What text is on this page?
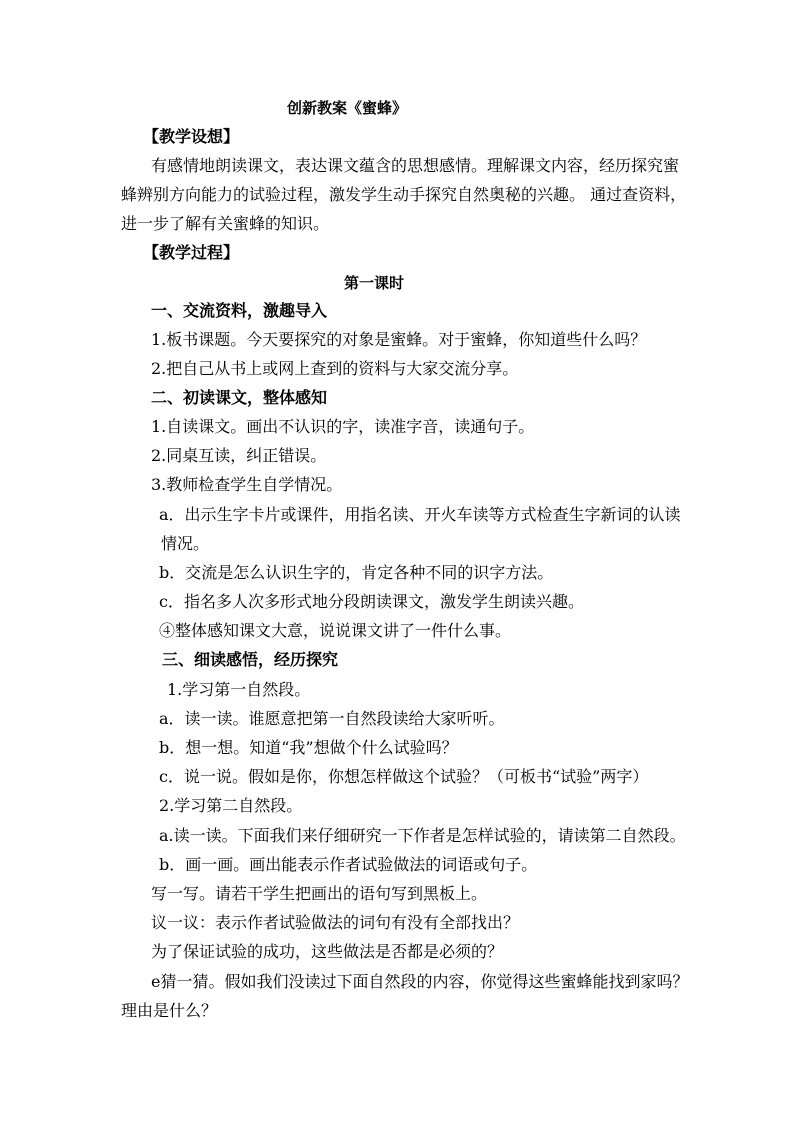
创新教案《蜜蜂》
【教学设想】
有感情地朗读课文，表达课文蕴含的思想感情。理解课文内容，经历探究蜜
蜂辨别方向能力的试验过程，激发学生动手探究自然奥秘的兴趣。 通过查资料，
进一步了解有关蜜蜂的知识。
【教学过程】
第一课时
一、交流资料，激趣导入
1.板书课题。今天要探究的对象是蜜蜂。对于蜜蜂，你知道些什么吗？
2.把自己从书上或网上查到的资料与大家交流分享。
二、初读课文，整体感知
1.自读课文。画出不认识的字，读准字音，读通句子。
2.同桌互读，纠正错误。
3.教师检查学生自学情况。
a．出示生字卡片或课件，用指名读、开火车读等方式检查生字新词的认读
情况。
b．交流是怎么认识生字的，肯定各种不同的识字方法。
c．指名多人次多形式地分段朗读课文，激发学生朗读兴趣。
④整体感知课文大意，说说课文讲了一件什么事。
三、细读感悟，经历探究
1.学习第一自然段。
a．读一读。谁愿意把第一自然段读给大家听听。
b．想一想。知道“我”想做个什么试验吗？
c．说一说。假如是你，你想怎样做这个试验？（可板书“试验”两字）
2.学习第二自然段。
a.读一读。下面我们来仔细研究一下作者是怎样试验的，请读第二自然段。
b．画一画。画出能表示作者试验做法的词语或句子。
写一写。请若干学生把画出的语句写到黑板上。
议一议：表示作者试验做法的词句有没有全部找出？
为了保证试验的成功，这些做法是否都是必须的？
e猜一猜。假如我们没读过下面自然段的内容，你觉得这些蜜蜂能找到家吗？
理由是什么？
